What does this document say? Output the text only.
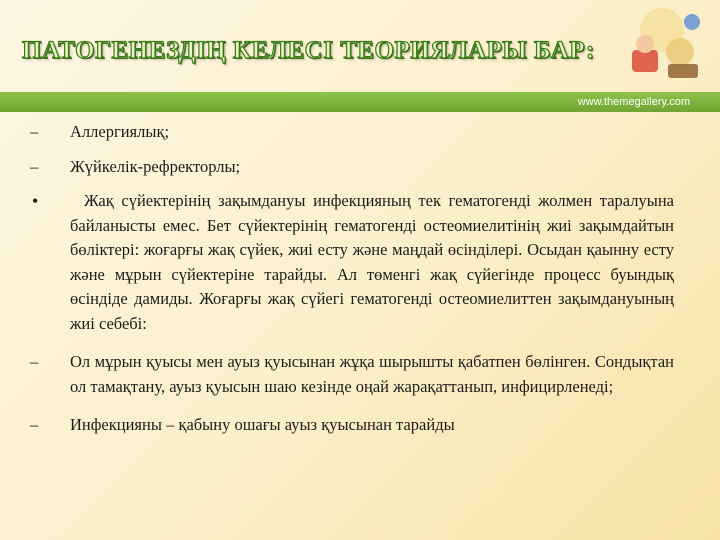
ПАТОГЕНЕЗДІҢ КЕЛЕСІ ТЕОРИЯЛАРЫ БАР:
www.themegallery.com
–	Аллергиялық;
–	Жүйкелік-рефректорлы;
•	Жақ сүйектерінің зақымдануы инфекцияның тек гематогенді жолмен таралуына байланысты емес. Бет сүйектерінің гематогенді остеомиелитінің жиі зақымдайтын бөліктері: жоғарғы жақ сүйек, жиі есту және маңдай өсінділері. Осыдан қаынну есту және мұрын сүйектеріне тарайды. Ал төменгі жақ сүйегінде процесс буындық өсіндіде дамиды. Жоғарғы жақ сүйегі гематогенді остеомиелиттен зақымдануының жиі себебі:
–	Ол мұрын қуысы мен ауыз қуысынан жұқа шырышты қабатпен бөлінген. Сондықтан ол тамақтану, ауыз қуысын шаю кезінде оңай жарақаттанып, инфицирленеді;
–	Инфекцияны – қабыну ошағы ауыз қуысынан тарайды
